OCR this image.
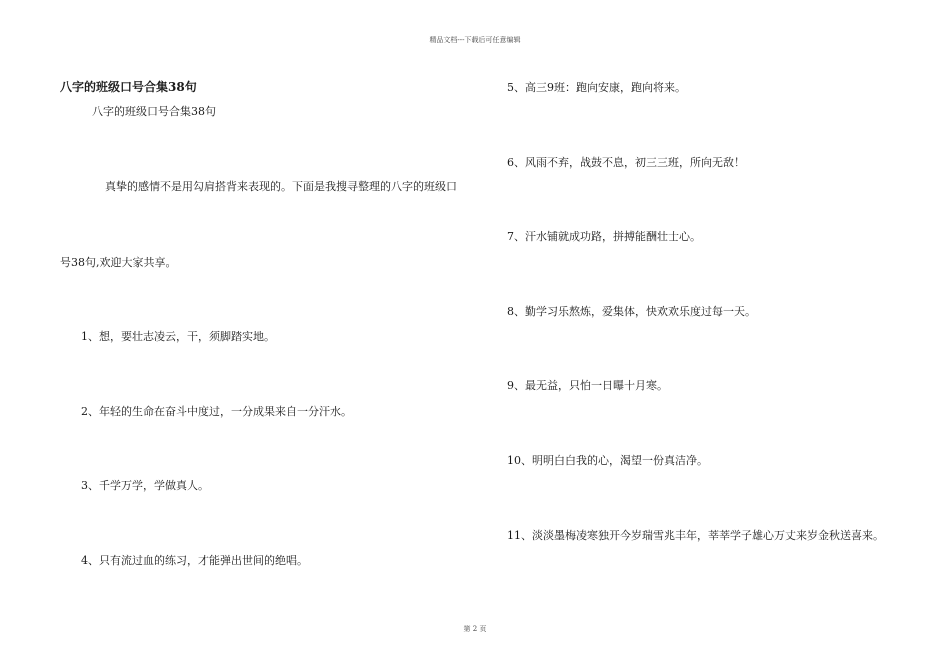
精品文档---下载后可任意编辑
八字的班级口号合集38句
八字的班级口号合集38句
真挚的感情不是用勾肩搭背来表现的。下面是我搜寻整理的八字的班级口
号38句,欢迎大家共享。
1、想，要壮志凌云，干，须脚踏实地。
2、年轻的生命在奋斗中度过，一分成果来自一分汗水。
3、千学万学，学做真人。
4、只有流过血的练习，才能弹出世间的绝唱。
5、高三9班：跑向安康，跑向将来。
6、风雨不弃，战鼓不息，初三三班，所向无敌！
7、汗水铺就成功路，拼搏能酬壮士心。
8、勤学习乐熬炼，爱集体，快欢欢乐度过每一天。
9、最无益，只怕一日曝十月寒。
10、明明白白我的心，渴望一份真洁净。
11、淡淡墨梅凌寒独开今岁瑞雪兆丰年，莘莘学子雄心万丈来岁金秋送喜来。
第 2 页
